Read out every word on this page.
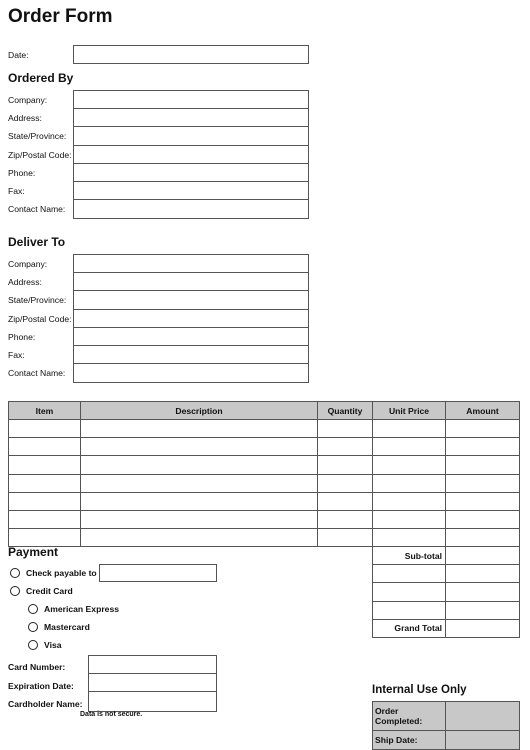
Order Form
Date:
Ordered By
Company:
Address:
State/Province:
Zip/Postal Code:
Phone:
Fax:
Contact Name:
Deliver To
Company:
Address:
State/Province:
Zip/Postal Code:
Phone:
Fax:
Contact Name:
Item	Description	Quantity	Unit Price	Amount

Sub-total	

Grand Total	
Payment
Check payable to
Credit Card
American Express
Mastercard
Visa
Card Number:
Expiration Date:
Cardholder Name:
Data is not secure.
Internal Use Only
Order Completed:	
Ship Date:	
